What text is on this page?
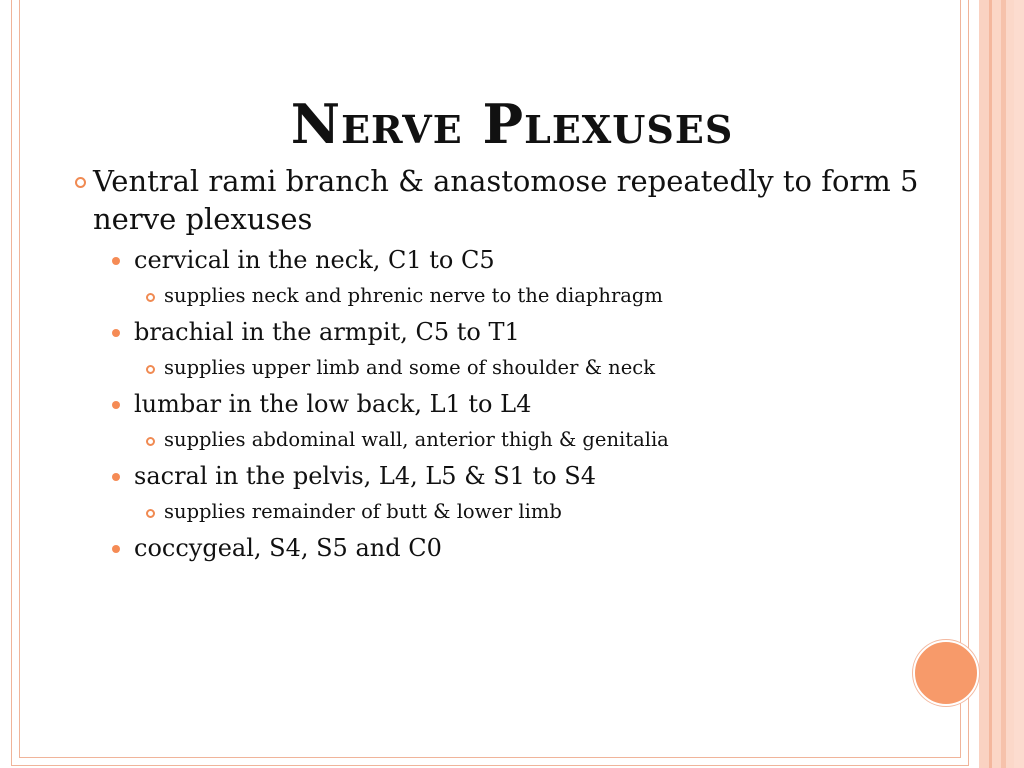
Nerve Plexuses
Ventral rami branch & anastomose repeatedly to form 5 nerve plexuses
cervical in the neck, C1 to C5
supplies neck and phrenic nerve to the diaphragm
brachial in the armpit, C5 to T1
supplies upper limb and some of shoulder & neck
lumbar in the low back, L1 to L4
supplies abdominal wall, anterior thigh & genitalia
sacral in the pelvis, L4, L5 & S1 to S4
supplies remainder of butt & lower limb
coccygeal, S4, S5 and C0
